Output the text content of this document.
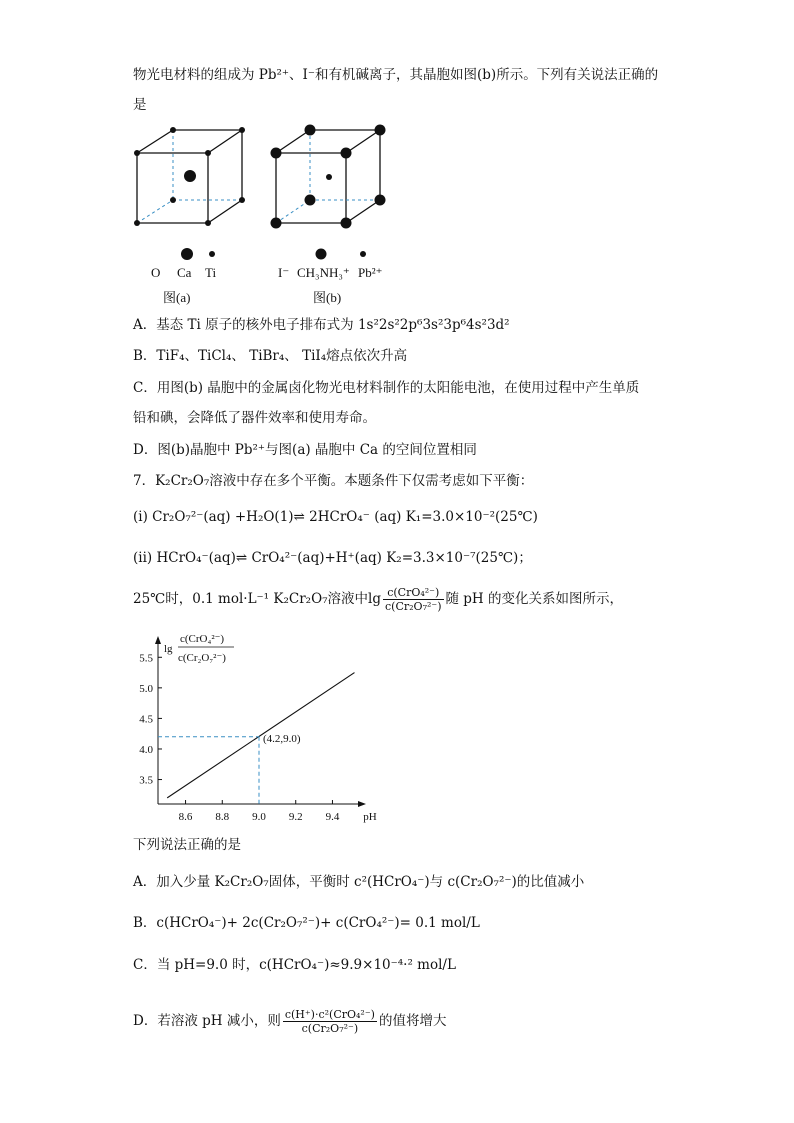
物光电材料的组成为 Pb²⁺、I⁻和有机碱离子，其晶胞如图(b)所示。下列有关说法正确的
是
O Ca Ti
图(a)
I⁻ CH₃NH₃⁺ Pb²⁺
图(b)
A．基态 Ti 原子的核外电子排布式为 1s²2s²2p⁶3s²3p⁶4s²3d²
B．TiF₄、TiCl₄、 TiBr₄、 TiI₄熔点依次升高
C．用图(b) 晶胞中的金属卤化物光电材料制作的太阳能电池，在使用过程中产生单质
铅和碘，会降低了器件效率和使用寿命。
D．图(b)晶胞中 Pb²⁺与图(a) 晶胞中 Ca 的空间位置相同
7．K₂Cr₂O₇溶液中存在多个平衡。本题条件下仅需考虑如下平衡：
(i) Cr₂O₇²⁻(aq) +H₂O(1)⇌ 2HCrO₄⁻ (aq) K₁=3.0×10⁻²(25℃)
(ii) HCrO₄⁻(aq)⇌ CrO₄²⁻(aq)+H⁺(aq) K₂=3.3×10⁻⁷(25℃)；
25℃时，0.1 mol·L⁻¹ K₂Cr₂O₇溶液中$\lg \frac{\text{c(CrO₄²⁻)}}{\text{c(Cr₂O₇²⁻)}}$ 随 pH 的变化关系如图所示，
lg
c(CrO₄²⁻)
c(Cr₂O₇²⁻)
8.6 8.8 9.0 9.2 9.4
3.5
4.0
4.5
5.0
5.5
pH
(4.2,9.0)
下列说法正确的是
A．加入少量 K₂Cr₂O₇固体，平衡时 c²(HCrO₄⁻)与 c(Cr₂O₇²⁻)的比值减小
B．c(HCrO₄⁻)+ 2c(Cr₂O₇²⁻)+ c(CrO₄²⁻)= 0.1 mol/L
C．当 pH=9.0 时，c(HCrO₄⁻)≈9.9×10⁻⁴·² mol/L
D．若溶液 pH 减小，则 $\frac{\text{c(H⁺)·c²(CrO₄²⁻)}}{\text{c(Cr₂O₇²⁻)}}$ 的值将增大
